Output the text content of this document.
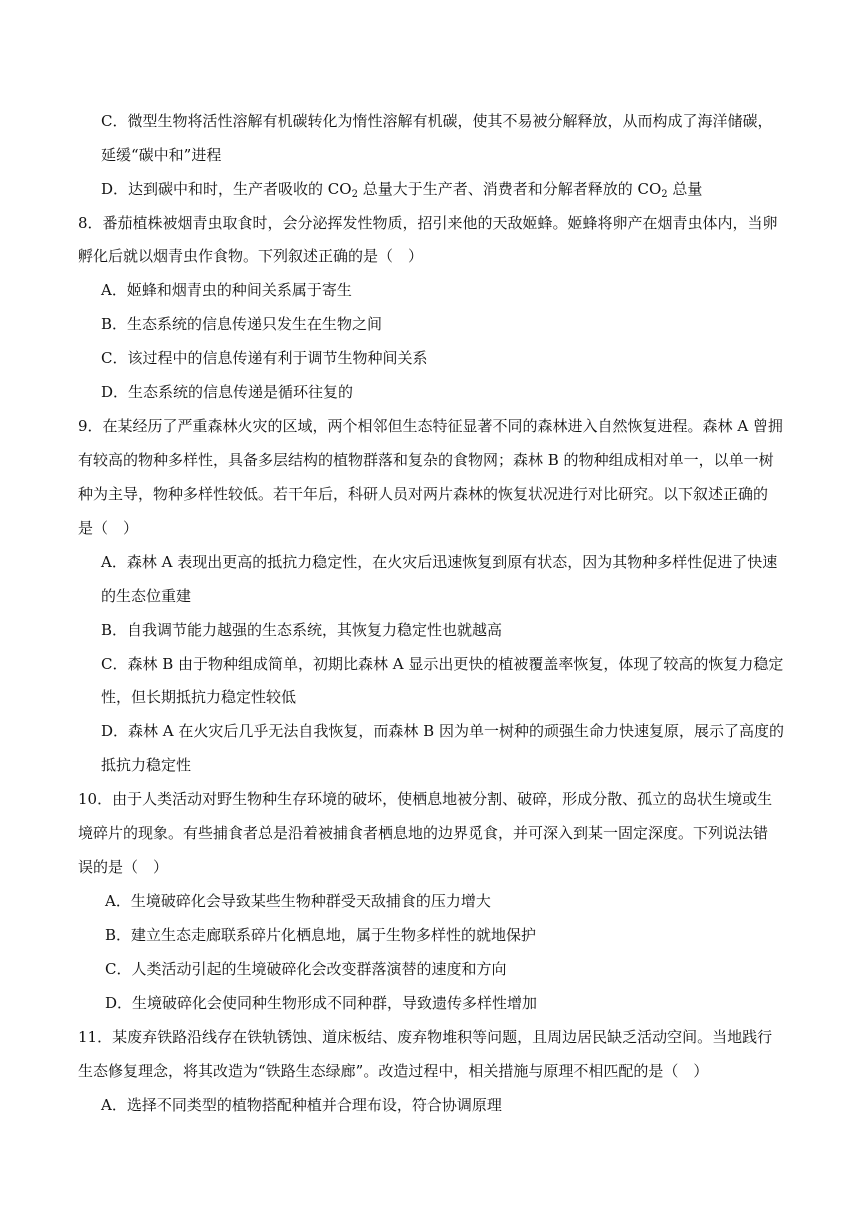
C．微型生物将活性溶解有机碳转化为惰性溶解有机碳，使其不易被分解释放，从而构成了海洋储碳，
延缓“碳中和”进程
D．达到碳中和时，生产者吸收的 $CO_2$ 总量大于生产者、消费者和分解者释放的 $CO_2$ 总量
8．番茄植株被烟青虫取食时，会分泌挥发性物质，招引来他的天敌姬蜂。姬蜂将卵产在烟青虫体内，当卵
孵化后就以烟青虫作食物。下列叙述正确的是（　）
A．姬蜂和烟青虫的种间关系属于寄生
B．生态系统的信息传递只发生在生物之间
C．该过程中的信息传递有利于调节生物种间关系
D．生态系统的信息传递是循环往复的
9．在某经历了严重森林火灾的区域，两个相邻但生态特征显著不同的森林进入自然恢复进程。森林 A 曾拥
有较高的物种多样性，具备多层结构的植物群落和复杂的食物网；森林 B 的物种组成相对单一，以单一树
种为主导，物种多样性较低。若干年后，科研人员对两片森林的恢复状况进行对比研究。以下叙述正确的
是（　）
A．森林 A 表现出更高的抵抗力稳定性，在火灾后迅速恢复到原有状态，因为其物种多样性促进了快速
的生态位重建
B．自我调节能力越强的生态系统，其恢复力稳定性也就越高
C．森林 B 由于物种组成简单，初期比森林 A 显示出更快的植被覆盖率恢复，体现了较高的恢复力稳定
性，但长期抵抗力稳定性较低
D．森林 A 在火灾后几乎无法自我恢复，而森林 B 因为单一树种的顽强生命力快速复原，展示了高度的
抵抗力稳定性
10．由于人类活动对野生物种生存环境的破坏，使栖息地被分割、破碎，形成分散、孤立的岛状生境或生
境碎片的现象。有些捕食者总是沿着被捕食者栖息地的边界觅食，并可深入到某一固定深度。下列说法错
误的是（　）
A．生境破碎化会导致某些生物种群受天敌捕食的压力增大
B．建立生态走廊联系碎片化栖息地，属于生物多样性的就地保护
C．人类活动引起的生境破碎化会改变群落演替的速度和方向
D．生境破碎化会使同种生物形成不同种群，导致遗传多样性增加
11．某废弃铁路沿线存在铁轨锈蚀、道床板结、废弃物堆积等问题，且周边居民缺乏活动空间。当地践行
生态修复理念，将其改造为“铁路生态绿廊”。改造过程中，相关措施与原理不相匹配的是（　）
A．选择不同类型的植物搭配种植并合理布设，符合协调原理
